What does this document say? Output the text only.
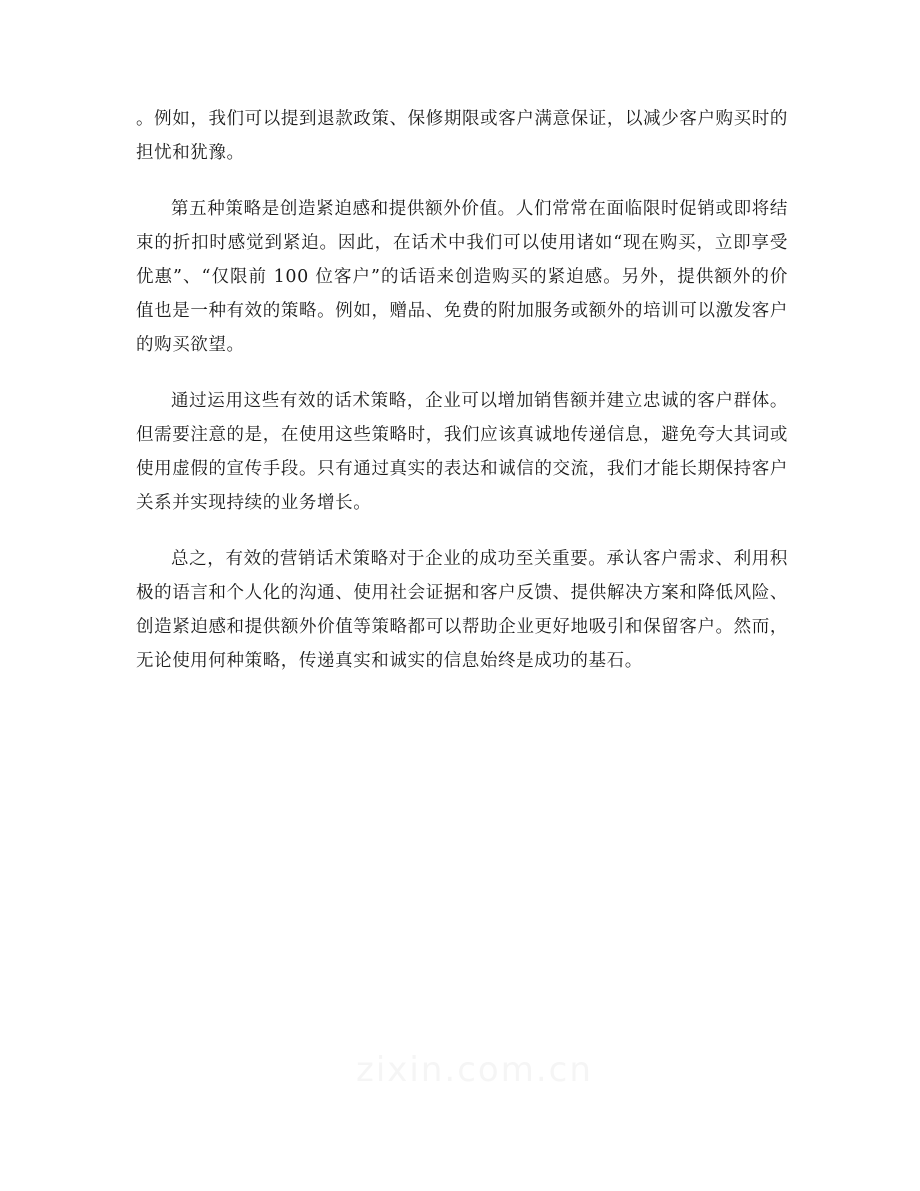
。例如，我们可以提到退款政策、保修期限或客户满意保证，以减少客户购买时的担忧和犹豫。

第五种策略是创造紧迫感和提供额外价值。人们常常在面临限时促销或即将结束的折扣时感觉到紧迫。因此，在话术中我们可以使用诸如“现在购买，立即享受优惠”、“仅限前 100 位客户”的话语来创造购买的紧迫感。另外，提供额外的价值也是一种有效的策略。例如，赠品、免费的附加服务或额外的培训可以激发客户的购买欲望。

通过运用这些有效的话术策略，企业可以增加销售额并建立忠诚的客户群体。但需要注意的是，在使用这些策略时，我们应该真诚地传递信息，避免夸大其词或使用虚假的宣传手段。只有通过真实的表达和诚信的交流，我们才能长期保持客户关系并实现持续的业务增长。

总之，有效的营销话术策略对于企业的成功至关重要。承认客户需求、利用积极的语言和个人化的沟通、使用社会证据和客户反馈、提供解决方案和降低风险、创造紧迫感和提供额外价值等策略都可以帮助企业更好地吸引和保留客户。然而，无论使用何种策略，传递真实和诚实的信息始终是成功的基石。

zixin.com.cn
